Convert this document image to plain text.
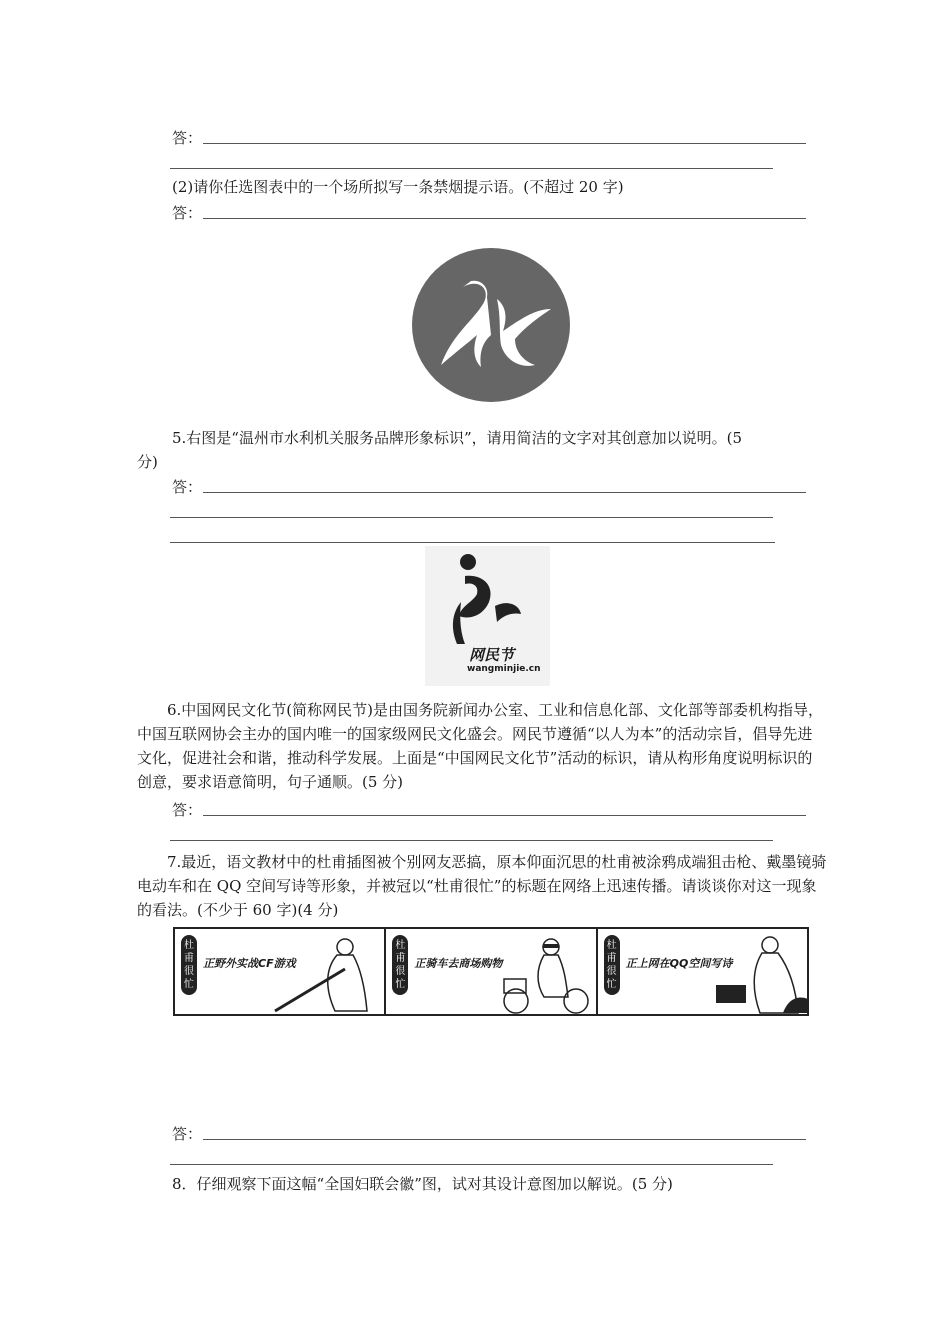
答：
(2)请你任选图表中的一个场所拟写一条禁烟提示语。(不超过 20 字)
答：
5.右图是“温州市水利机关服务品牌形象标识”，请用简洁的文字对其创意加以说明。(5
分)
答：
网民节
wangminjie.cn
6.中国网民文化节(简称网民节)是由国务院新闻办公室、工业和信息化部、文化部等部委机构指导，中国互联网协会主办的国内唯一的国家级网民文化盛会。网民节遵循“以人为本”的活动宗旨，倡导先进文化，促进社会和谐，推动科学发展。上面是“中国网民文化节”活动的标识，请从构形角度说明标识的创意，要求语意简明，句子通顺。(5 分)
答：
7.最近，语文教材中的杜甫插图被个别网友恶搞，原本仰面沉思的杜甫被涂鸦成端狙击枪、戴墨镜骑电动车和在 QQ 空间写诗等形象，并被冠以“杜甫很忙”的标题在网络上迅速传播。请谈谈你对这一现象的看法。(不少于 60 字)(4 分)
杜甫很忙
正野外实战CF游戏
杜甫很忙
正骑车去商场购物
杜甫很忙
正上网在QQ空间写诗
答：
8．仔细观察下面这幅“全国妇联会徽”图，试对其设计意图加以解说。(5 分)
